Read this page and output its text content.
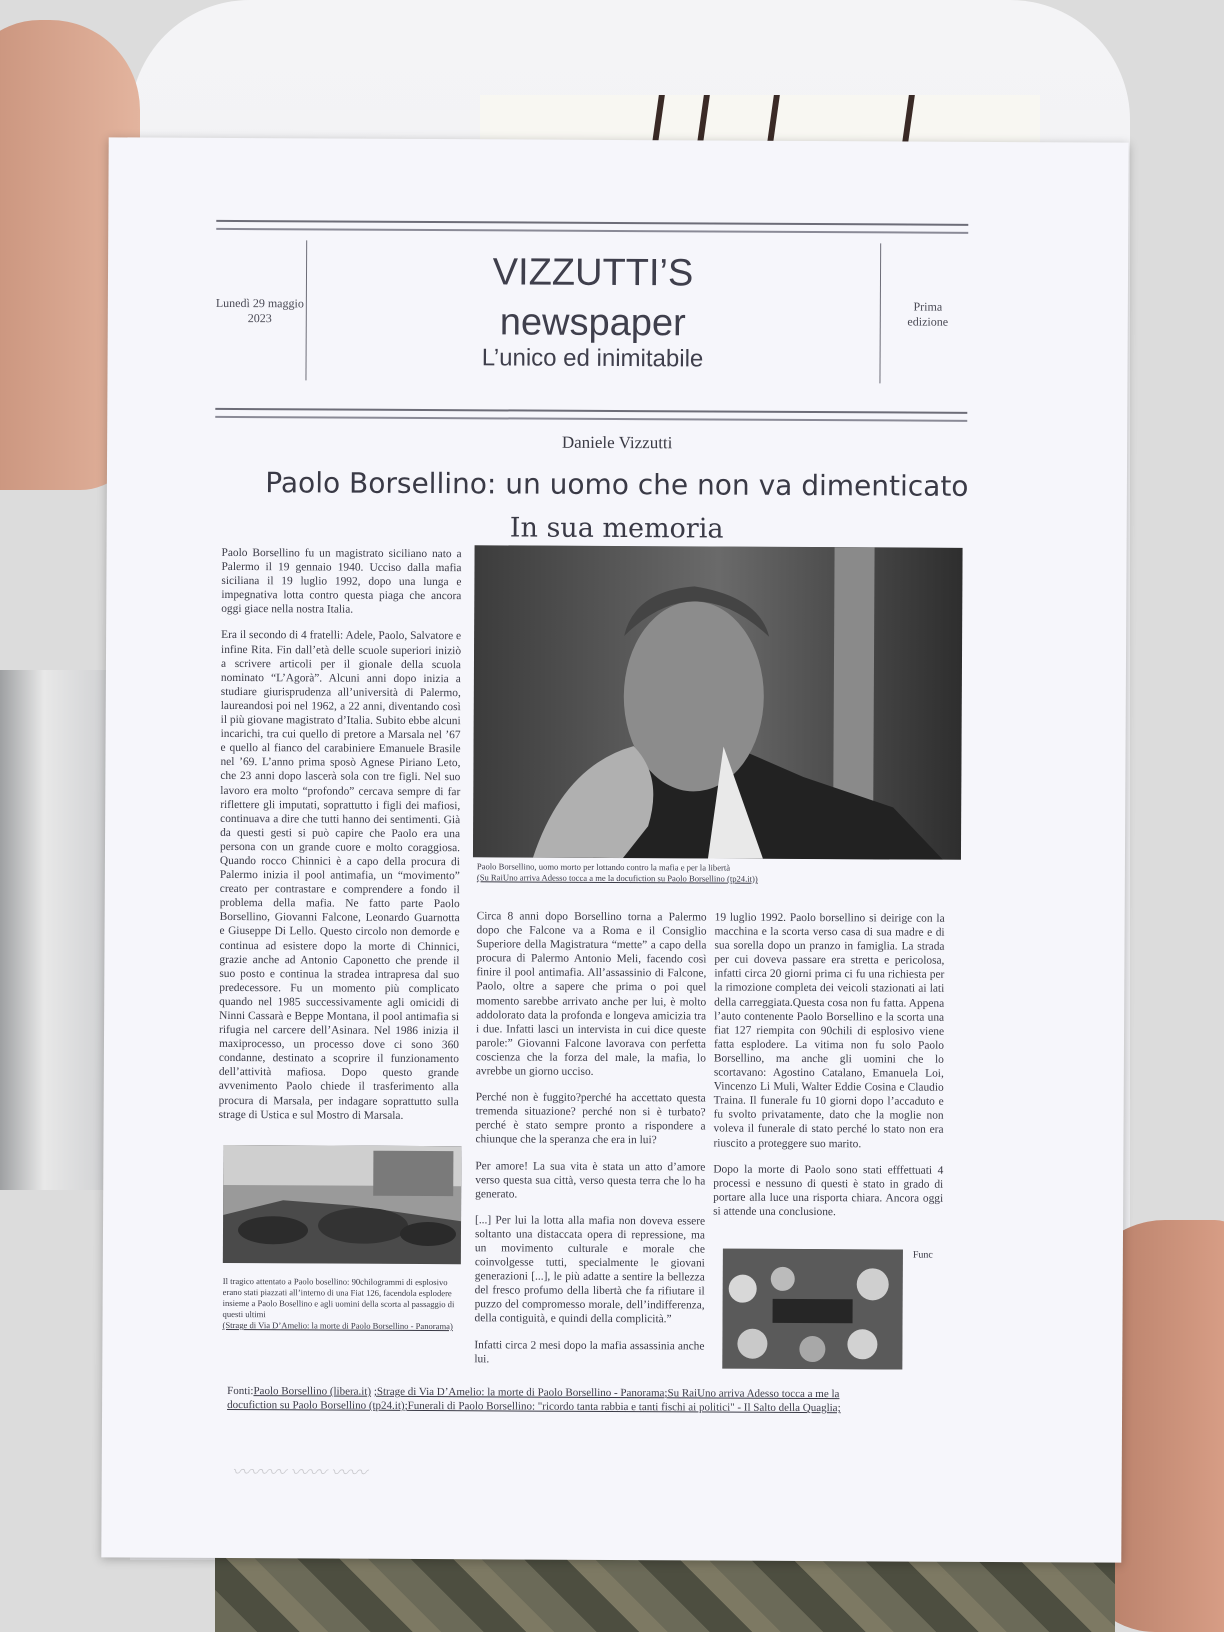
Lunedì 29 maggio
2023
Prima
edizione
VIZZUTTI’S
newspaper
L’unico ed inimitabile
Daniele Vizzutti
Paolo Borsellino: un uomo che non va dimenticato
In sua memoria

Paolo Borsellino fu un magistrato siciliano nato a Palermo il 19 gennaio 1940. Ucciso dalla mafia siciliana il 19 luglio 1992, dopo una lunga e impegnativa lotta contro questa piaga che ancora oggi giace nella nostra Italia.

Era il secondo di 4 fratelli: Adele, Paolo, Salvatore e infine Rita. Fin dall’età delle scuole superiori iniziò a scrivere articoli per il gionale della scuola nominato “L’Agorà”. Alcuni anni dopo inizia a studiare giurisprudenza all’università di Palermo, laureandosi poi nel 1962, a 22 anni, diventando così il più giovane magistrato d’Italia. Subito ebbe alcuni incarichi, tra cui quello di pretore a Marsala nel ’67 e quello al fianco del carabiniere Emanuele Brasile nel ’69. L’anno prima sposò Agnese Piriano Leto, che 23 anni dopo lascerà sola con tre figli. Nel suo lavoro era molto “profondo” cercava sempre di far riflettere gli imputati, soprattutto i figli dei mafiosi, continuava a dire che tutti hanno dei sentimenti. Già da questi gesti si può capire che Paolo era una persona con un grande cuore e molto coraggiosa. Quando rocco Chinnici è a capo della procura di Palermo inizia il pool antimafia, un “movimento” creato per contrastare e comprendere a fondo il problema della mafia. Ne fatto parte Paolo Borsellino, Giovanni Falcone, Leonardo Guarnotta e Giuseppe Di Lello. Questo circolo non demorde e continua ad esistere dopo la morte di Chinnici, grazie anche ad Antonio Caponetto che prende il suo posto e continua la stradea intrapresa dal suo predecessore. Fu un momento più complicato quando nel 1985 successivamente agli omicidi di Ninni Cassarà e Beppe Montana, il pool antimafia si rifugia nel carcere dell’Asinara. Nel 1986 inizia il maxiprocesso, un processo dove ci sono 360 condanne, destinato a scoprire il funzionamento dell’attività mafiosa. Dopo questo grande avvenimento Paolo chiede il trasferimento alla procura di Marsala, per indagare soprattutto sulla strage di Ustica e sul Mostro di Marsala.

Paolo Borsellino, uomo morto per lottando contro la mafia e per la libertà
(Su RaiUno arriva Adesso tocca a me la docufiction su Paolo Borsellino (tp24.it))

Circa 8 anni dopo Borsellino torna a Palermo dopo che Falcone va a Roma e il Consiglio Superiore della Magistratura “mette” a capo della procura di Palermo Antonio Meli, facendo così finire il pool antimafia. All’assassinio di Falcone, Paolo, oltre a sapere che prima o poi quel momento sarebbe arrivato anche per lui, è molto addolorato data la profonda e longeva amicizia tra i due. Infatti lasci un intervista in cui dice queste parole:” Giovanni Falcone lavorava con perfetta coscienza che la forza del male, la mafia, lo avrebbe un giorno ucciso.

Perché non è fuggito?perché ha accettato questa tremenda situazione? perché non si è turbato? perché è stato sempre pronto a rispondere a chiunque che la speranza che era in lui?

Per amore! La sua vita è stata un atto d’amore verso questa sua città, verso questa terra che lo ha generato.

[...] Per lui la lotta alla mafia non doveva essere soltanto una distaccata opera di repressione, ma un movimento culturale e morale che coinvolgesse tutti, specialmente le giovani generazioni [...], le più adatte a sentire la bellezza del fresco profumo della libertà che fa rifiutare il puzzo del compromesso morale, dell’indifferenza, della contiguità, e quindi della complicità.”

Infatti circa 2 mesi dopo la mafia assassinia anche lui.

19 luglio 1992. Paolo borsellino si deirige con la macchina e la scorta verso casa di sua madre e di sua sorella dopo un pranzo in famiglia. La strada per cui doveva passare era stretta e pericolosa, infatti circa 20 giorni prima ci fu una richiesta per la rimozione completa dei veicoli stazionati ai lati della carreggiata.Questa cosa non fu fatta. Appena l’auto contenente Paolo Borsellino e la scorta una fiat 127 riempita con 90chili di esplosivo viene fatta esplodere. La vitima non fu solo Paolo Borsellino, ma anche gli uomini che lo scortavano: Agostino Catalano, Emanuela Loi, Vincenzo Li Muli, Walter Eddie Cosina e Claudio Traina. Il funerale fu 10 giorni dopo l’accaduto e fu svolto privatamente, dato che la moglie non voleva il funerale di stato perché lo stato non era riuscito a proteggere suo marito.

Dopo la morte di Paolo sono stati efffettuati 4 processi e nessuno di questi è stato in grado di portare alla luce una risporta chiara. Ancora oggi si attende una conclusione.

Il tragico attentato a Paolo bosellino: 90chilogrammi di esplosivo erano stati piazzati all’interno di una Fiat 126, facendola esplodere insieme a Paolo Bosellino e agli uomini della scorta al passaggio di questi ultimi
(Strage di Via D’Amelio: la morte di Paolo Borsellino - Panorama)
Func
Fonti:Paolo Borsellino (libera.it) ;Strage di Via D’Amelio: la morte di Paolo Borsellino - Panorama;Su RaiUno arriva Adesso tocca a me la docufiction su Paolo Borsellino (tp24.it);Funerali di Paolo Borsellino: "ricordo tanta rabbia e tanti fischi ai politici" - Il Salto della Quaglia;
〰〰〰 〰〰 〰〰
